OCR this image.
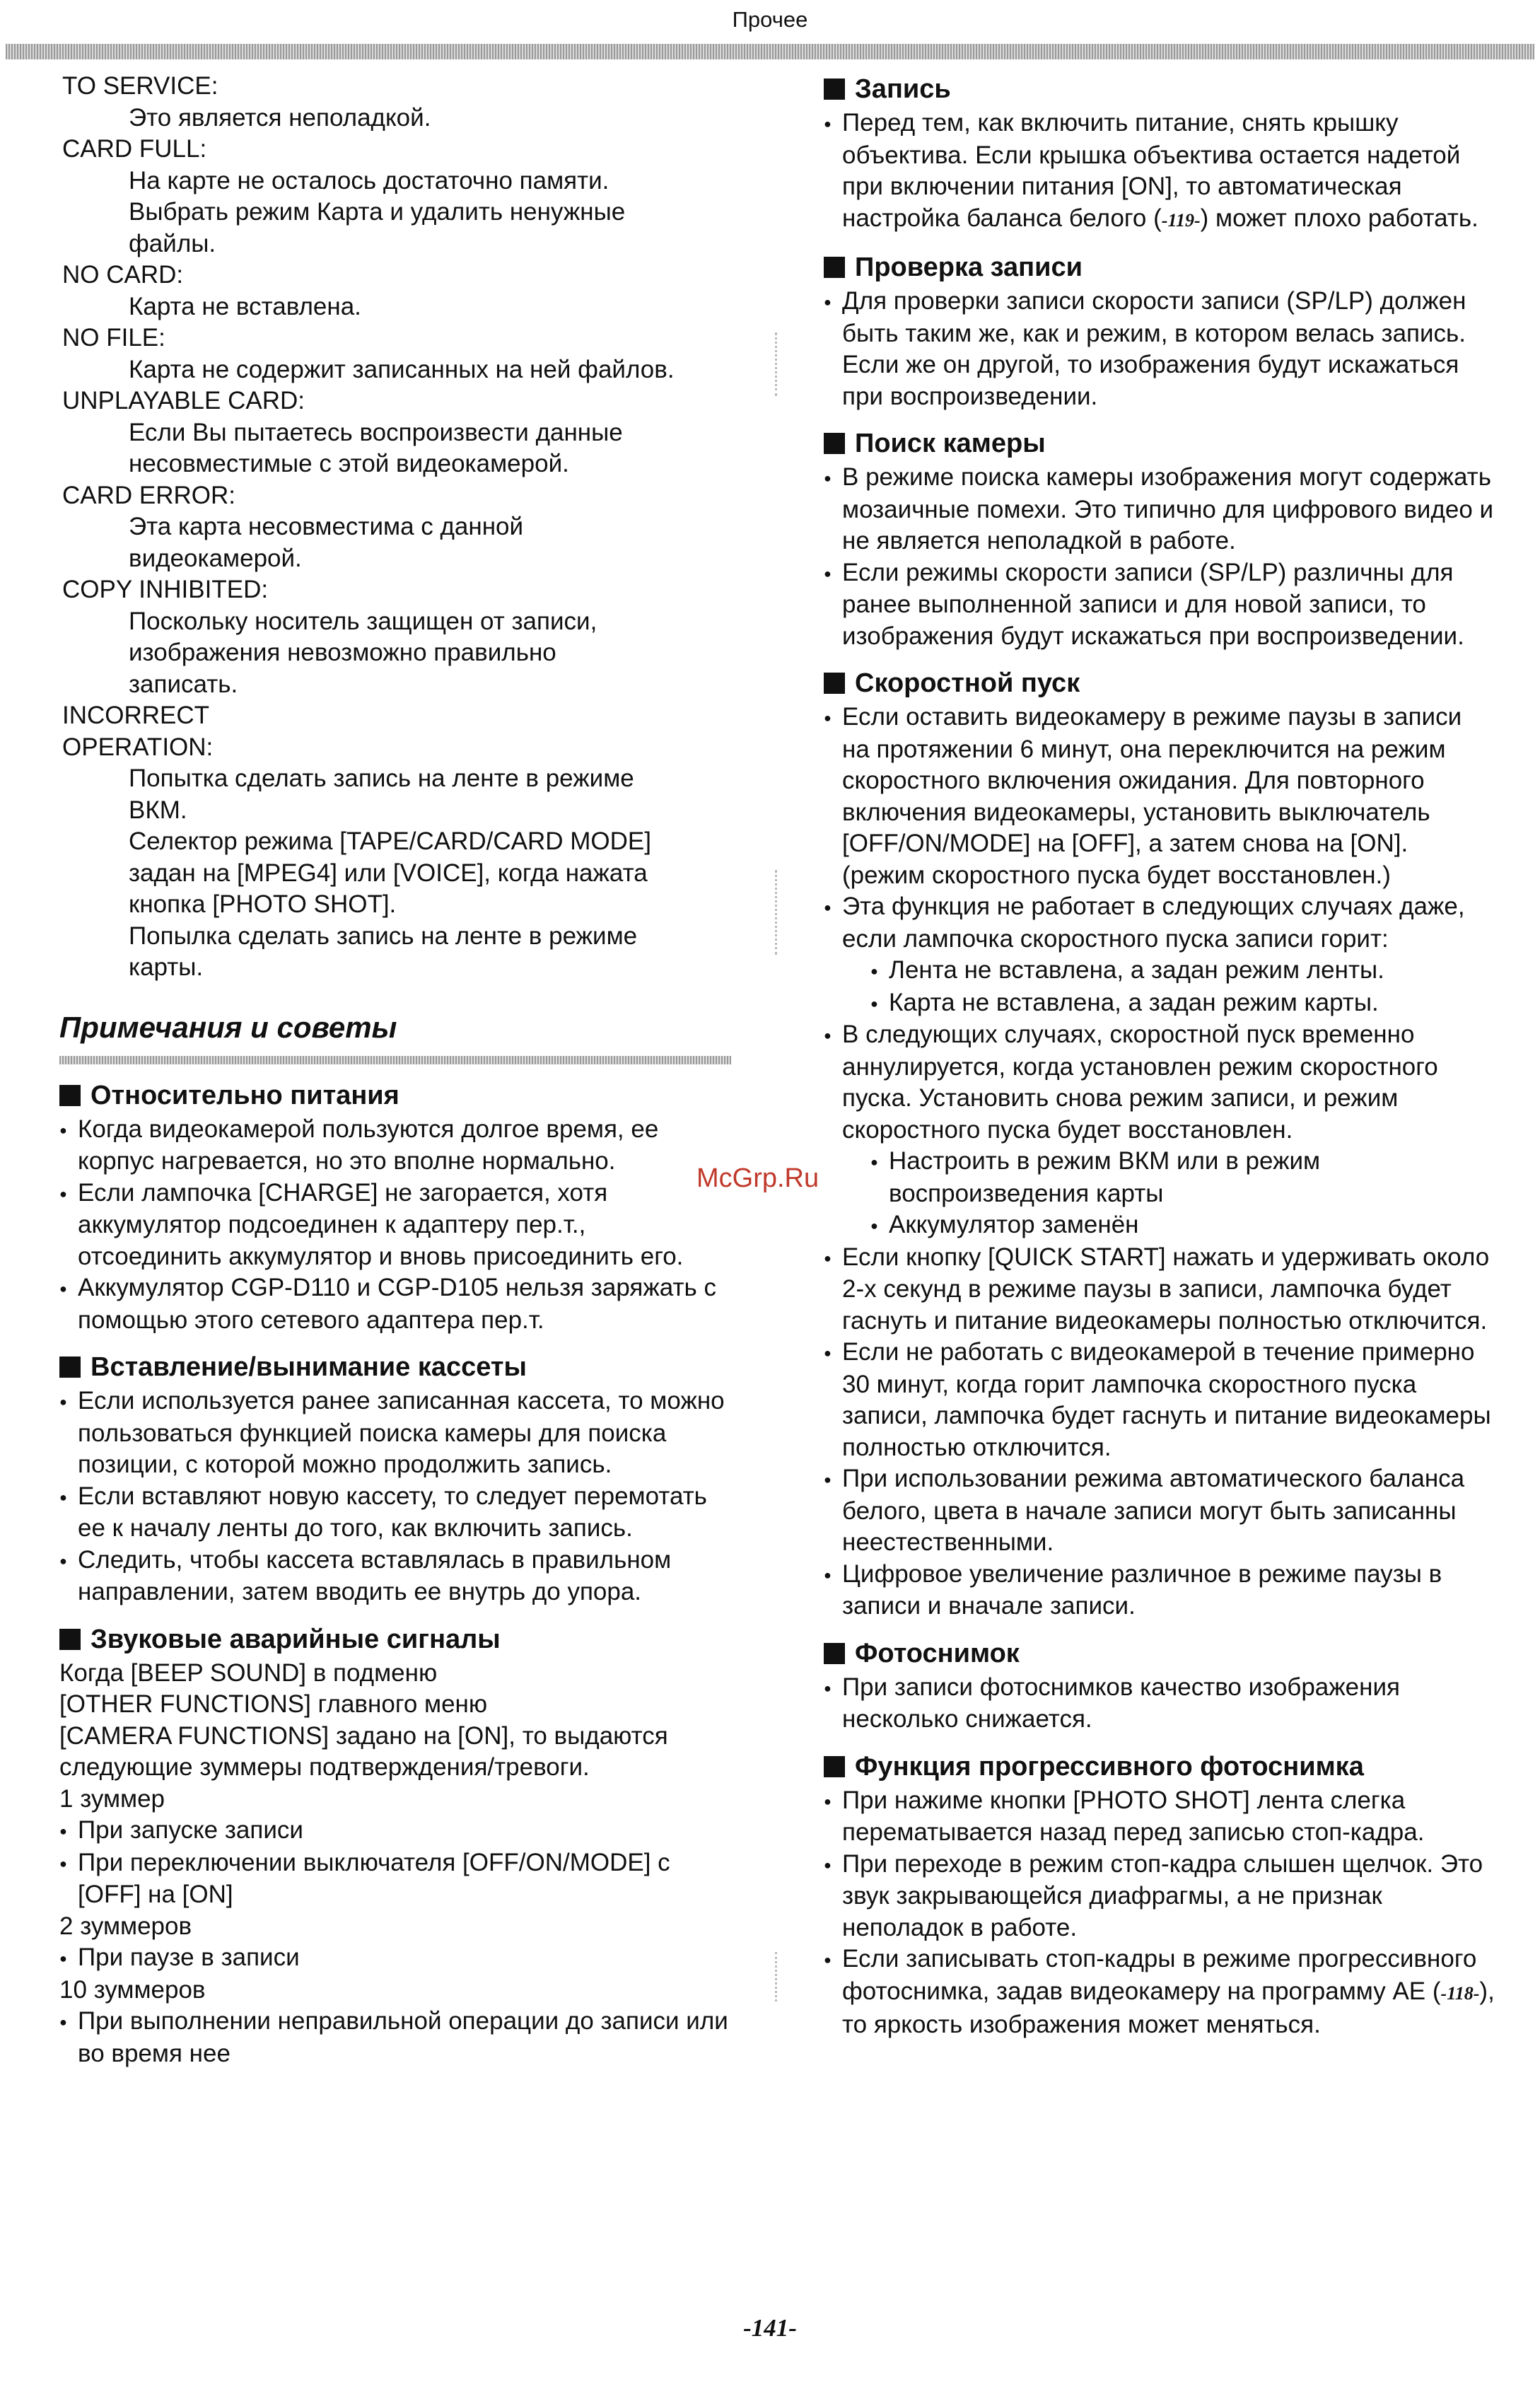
Прочее
McGrp.Ru

TO SERVICE:

Это является неполадкой.

CARD FULL:

На карте не осталось достаточно памяти.

Выбрать режим Карта и удалить ненужные

файлы.

NO CARD:

Карта не вставлена.

NO FILE:

Карта не содержит записанных на ней файлов.

UNPLAYABLE CARD:

Если Вы пытаетесь воспроизвести данные

несовместимые с этой видеокамерой.

CARD ERROR:

Эта карта несовместима с данной

видеокамерой.

COPY INHIBITED:

Поскольку носитель защищен от записи,

изображения невозможно правильно

записать.

INCORRECT

OPERATION:

Попытка сделать запись на ленте в режиме

ВКМ.

Селектор режима [TAPE/CARD/CARD MODE]

задан на [MPEG4] или [VOICE], когда нажата

кнопка [PHOTO SHOT].

Попылка сделать запись на ленте в режиме

карты.

Примечания и советы
Относительно питания

● Когда видеокамерой пользуются долгое время, ее корпус нагревается, но это вполне нормально.

● Если лампочка [CHARGE] не загорается, хотя аккумулятор подсоединен к адаптеру пер.т., отсоединить аккумулятор и вновь присоединить его.

● Аккумулятор CGP-D110 и CGP-D105 нельзя заряжать с помощью этого сетевого адаптера пер.т.

Вставление/вынимание кассеты

● Если используется ранее записанная кассета, то можно пользоваться функцией поиска камеры для поиска позиции, с которой можно продолжить запись.

● Если вставляют новую кассету, то следует перемотать ее к началу ленты до того, как включить запись.

● Следить, чтобы кассета вставлялась в правильном направлении, затем вводить ее внутрь до упора.

Звуковые аварийные сигналы

Когда [BEEP SOUND] в подменю

[OTHER FUNCTIONS] главного меню

[CAMERA FUNCTIONS] задано на [ON], то выдаются

следующие зуммеры подтверждения/тревоги.

1 зуммер

● При запуске записи

● При переключении выключателя [OFF/ON/MODE] с [OFF] на [ON]

2 зуммеров

● При паузе в записи

10 зуммеров

● При выполнении неправильной операции до записи или во время нее

Запись

● Перед тем, как включить питание, снять крышку объектива. Если крышка объектива остается надетой при включении питания [ON], то автоматическая настройка баланса белого (-119-) может плохо работать.

Проверка записи

● Для проверки записи скорости записи (SP/LP) должен быть таким же, как и режим, в котором велась запись. Если же он другой, то изображения будут искажаться при воспроизведении.

Поиск камеры

● В режиме поиска камеры изображения могут содержать мозаичные помехи. Это типично для цифрового видео и не является неполадкой в работе.

● Если режимы скорости записи (SP/LP) различны для ранее выполненной записи и для новой записи, то изображения будут искажаться при воспроизведении.

Скоростной пуск

● Если оставить видеокамеру в режиме паузы в записи на протяжении 6 минут, она переключится на режим скоростного включения ожидания. Для повторного включения видеокамеры, установить выключатель [OFF/ON/MODE] на [OFF], а затем снова на [ON]. (режим скоростного пуска будет восстановлен.)

● Эта функция не работает в следующих случаях даже, если лампочка скоростного пуска записи горит:

● Лента не вставлена, а задан режим ленты.

● Карта не вставлена, а задан режим карты.

● В следующих случаях, скоростной пуск временно аннулируется, когда установлен режим скоростного пуска. Установить снова режим записи, и режим скоростного пуска будет восстановлен.

● Настроить в режим ВКМ или в режим воспроизведения карты

● Аккумулятор заменён

● Если кнопку [QUICK START] нажать и удерживать около 2-х секунд в режиме паузы в записи, лампочка будет гаснуть и питание видеокамеры полностью отключится.

● Если не работать с видеокамерой в течение примерно 30 минут, когда горит лампочка скоростного пуска записи, лампочка будет гаснуть и питание видеокамеры полностью отключится.

● При использовании режима автоматического баланса белого, цвета в начале записи могут быть записанны неестественными.

● Цифровое увеличение различное в режиме паузы в записи и вначале записи.

Фотоснимок

● При записи фотоснимков качество изображения несколько снижается.

Функция прогрессивного фотоснимка

● При нажиме кнопки [PHOTO SHOT] лента слегка перематывается назад перед записью стоп-кадра.

● При переходе в режим стоп-кадра слышен щелчок. Это звук закрывающейся диафрагмы, а не признак неполадок в работе.

● Если записывать стоп-кадры в режиме прогрессивного фотоснимка, задав видеокамеру на программу AE (-118-), то яркость изображения может меняться.

-141-
